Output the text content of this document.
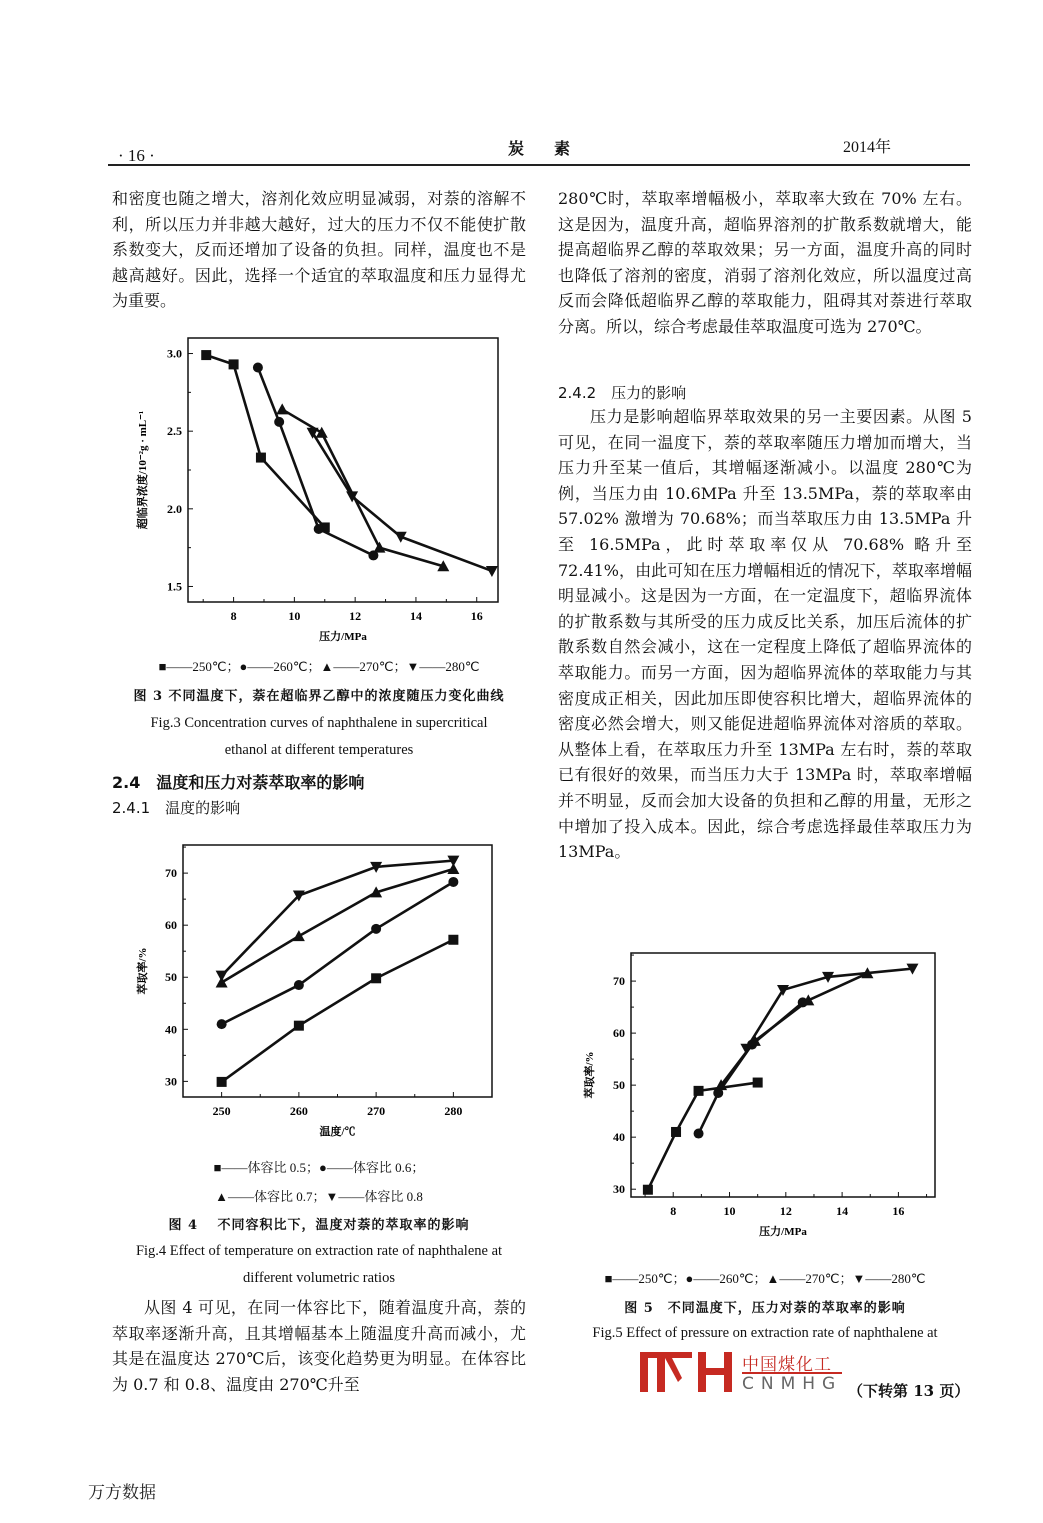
· 16 ·	炭素	2014年

和密度也随之增大，溶剂化效应明显减弱，对萘的溶解不利，所以压力并非越大越好，过大的压力不仅不能使扩散系数变大，反而还增加了设备的负担。同样，温度也不是越高越好。因此，选择一个适宜的萃取温度和压力显得尤为重要。

1.5
2.0
2.5
3.0
8	10	12	14	16
压力/MPa
超临界浓度/10⁻²g · mL⁻¹
■——250℃；●——260℃；▲——270℃；▼——280℃
图 3 不同温度下，萘在超临界乙醇中的浓度随压力变化曲线
Fig.3 Concentration curves of naphthalene in supercritical
ethanol at different temperatures
2.4　温度和压力对萘萃取率的影响
2.4.1　温度的影响
30
40
50
60
70
250	260	270	280
温度/℃
萃取率/%
■——体容比 0.5；●——体容比 0.6；
▲——体容比 0.7；▼——体容比 0.8
图 4　 不同容积比下，温度对萘的萃取率的影响
Fig.4 Effect of temperature on extraction rate of naphthalene at
different volumetric ratios

从图 4 可见，在同一体容比下，随着温度升高，萘的萃取率逐渐升高，且其增幅基本上随温度升高而减小，尤其是在温度达 270℃后，该变化趋势更为明显。在体容比为 0.7 和 0.8、温度由 270℃升至

280℃时，萃取率增幅极小，萃取率大致在 70% 左右。这是因为，温度升高，超临界溶剂的扩散系数就增大，能提高超临界乙醇的萃取效果；另一方面，温度升高的同时也降低了溶剂的密度，消弱了溶剂化效应，所以温度过高反而会降低超临界乙醇的萃取能力，阻碍其对萘进行萃取分离。所以，综合考虑最佳萃取温度可选为 270℃。

2.4.2　压力的影响

压力是影响超临界萃取效果的另一主要因素。从图 5 可见，在同一温度下，萘的萃取率随压力增加而增大，当压力升至某一值后，其增幅逐渐减小。以温度 280℃为例，当压力由 10.6MPa 升至 13.5MPa，萘的萃取率由 57.02% 激增为 70.68%；而当萃取压力由 13.5MPa 升至 16.5MPa，此时萃取率仅从 70.68% 略升至 72.41%，由此可知在压力增幅相近的情况下，萃取率增幅明显减小。这是因为一方面，在一定温度下，超临界流体的扩散系数与其所受的压力成反比关系，加压后流体的扩散系数自然会减小，这在一定程度上降低了超临界流体的萃取能力。而另一方面，因为超临界流体的萃取能力与其密度成正相关，因此加压即使容积比增大，超临界流体的密度必然会增大，则又能促进超临界流体对溶质的萃取。从整体上看，在萃取压力升至 13MPa 左右时，萘的萃取已有很好的效果，而当压力大于 13MPa 时，萃取率增幅并不明显，反而会加大设备的负担和乙醇的用量，无形之中增加了投入成本。因此，综合考虑选择最佳萃取压力为 13MPa。

30
40
50
60
70
8	10	12	14	16
压力/MPa
萃取率/%
■——250℃；●——260℃；▲——270℃；▼——280℃
图 5　不同温度下，压力对萘的萃取率的影响
中国煤化工
CNMHG （下转第 13 页）
Fig.5 Effect of pressure on extraction rate of naphthalene at
万方数据
